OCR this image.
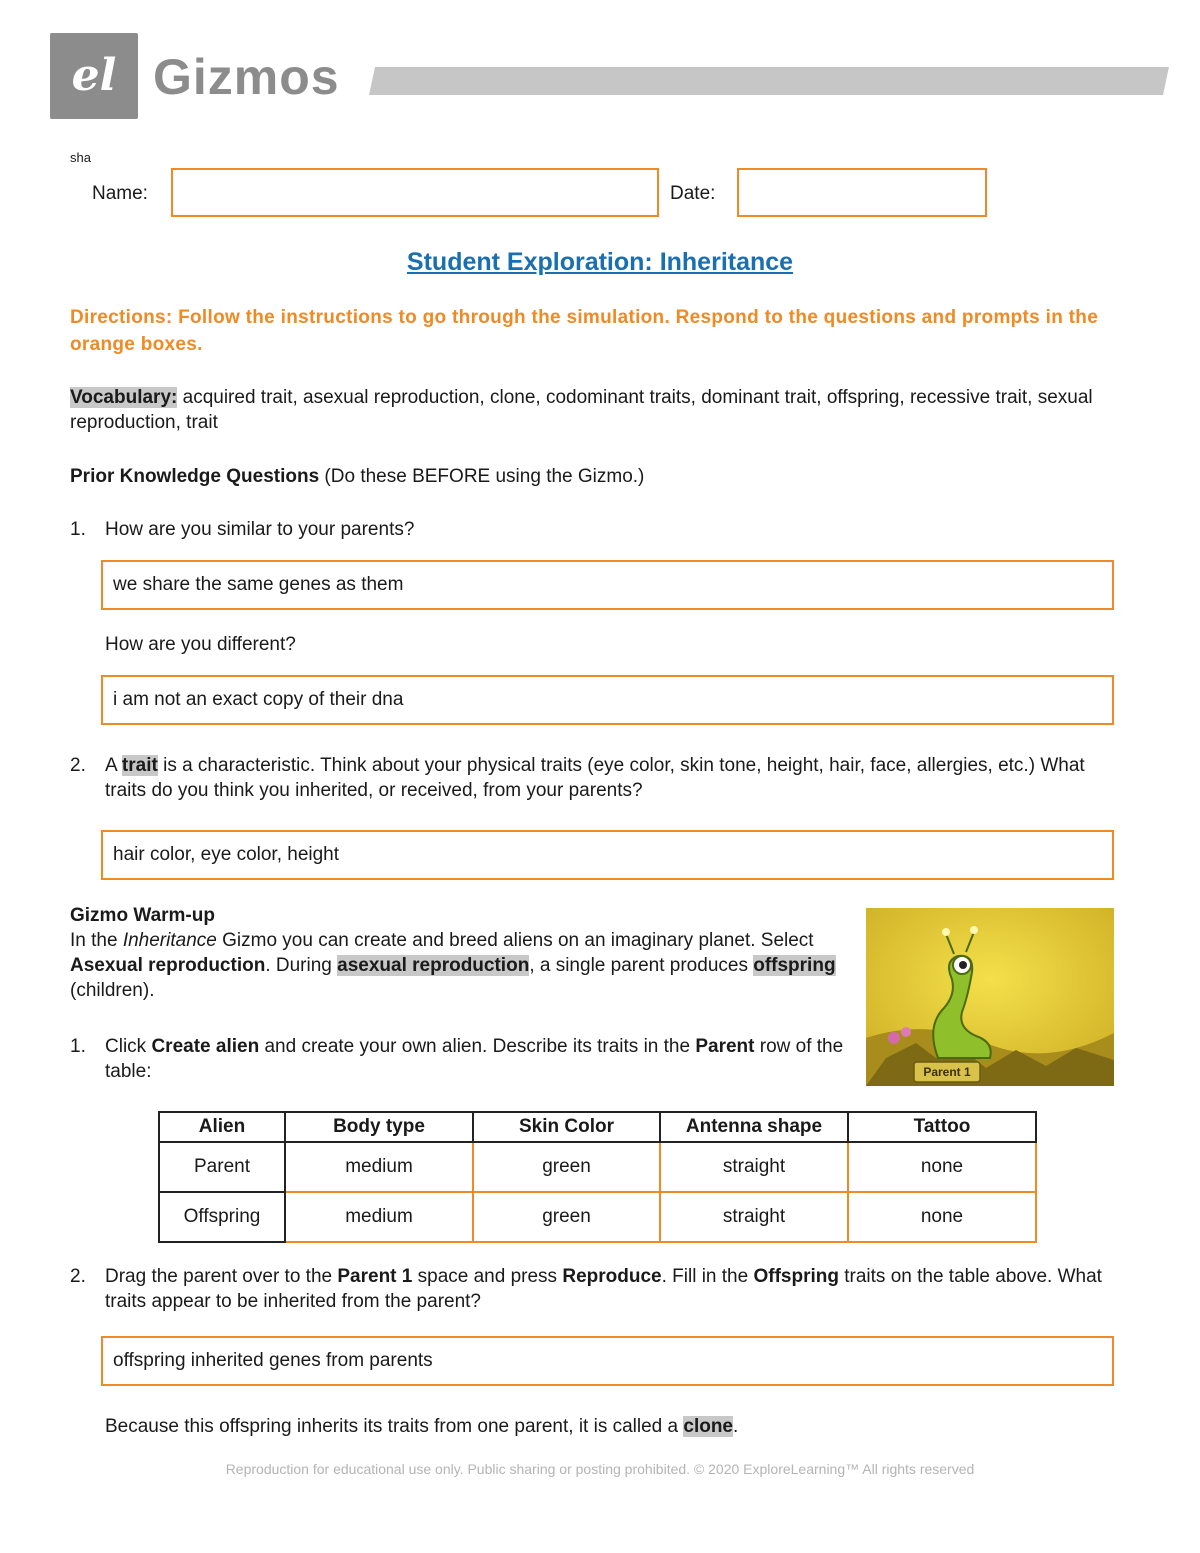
el Gizmos
sha
Name:	Date:
Student Exploration: Inheritance
Directions: Follow the instructions to go through the simulation. Respond to the questions and prompts in the orange boxes.
Vocabulary: acquired trait, asexual reproduction, clone, codominant traits, dominant trait, offspring, recessive trait, sexual reproduction, trait
Prior Knowledge Questions (Do these BEFORE using the Gizmo.)
1. How are you similar to your parents?
we share the same genes as them
How are you different?
i am not an exact copy of their dna
2. A trait is a characteristic. Think about your physical traits (eye color, skin tone, height, hair, face, allergies, etc.) What traits do you think you inherited, or received, from your parents?
hair color, eye color, height
Gizmo Warm-up
In the Inheritance Gizmo you can create and breed aliens on an imaginary planet. Select Asexual reproduction. During asexual reproduction, a single parent produces offspring (children).
Parent 1
1. Click Create alien and create your own alien. Describe its traits in the Parent row of the table:
Alien	Body type	Skin Color	Antenna shape	Tattoo
Parent	medium	green	straight	none
Offspring	medium	green	straight	none
2. Drag the parent over to the Parent 1 space and press Reproduce. Fill in the Offspring traits on the table above. What traits appear to be inherited from the parent?
offspring inherited genes from parents
Because this offspring inherits its traits from one parent, it is called a clone.
Reproduction for educational use only. Public sharing or posting prohibited. © 2020 ExploreLearning™ All rights reserved
